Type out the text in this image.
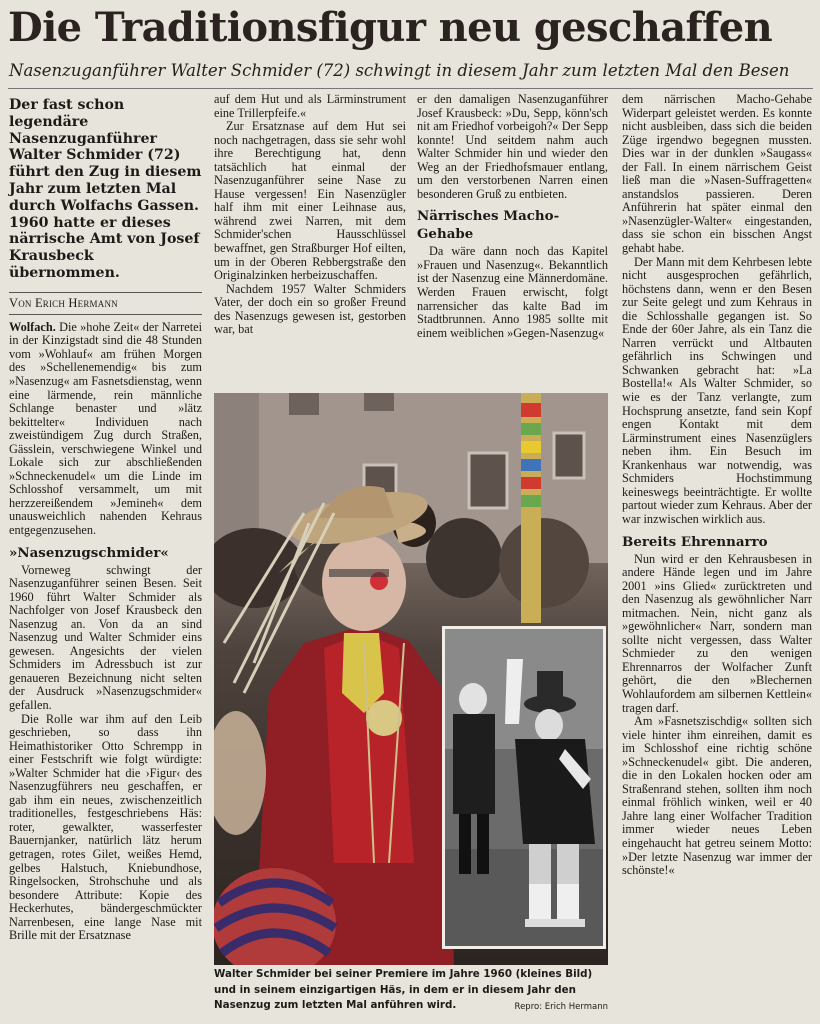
Die Traditionsfigur neu geschaffen
Nasenzuganführer Walter Schmider (72) schwingt in diesem Jahr zum letzten Mal den Besen
Der fast schon legendäre Nasenzuganführer Walter Schmider (72) führt den Zug in diesem Jahr zum letzten Mal durch Wolfachs Gassen. 1960 hatte er dieses närrische Amt von Josef Krausbeck übernommen.
Von Erich Hermann

Wolfach. Die »hohe Zeit« der Narretei in der Kinzigstadt sind die 48 Stunden vom »Wohlauf« am frühen Morgen des »Schellenemendig« bis zum »Nasenzug« am Fasnetsdienstag, wenn eine lärmende, rein männliche Schlange benaster und »lätz bekittelter« Individuen nach zweistündigem Zug durch Straßen, Gässlein, verschwiegene Winkel und Lokale sich zur abschließenden »Schneckenudel« um die Linde im Schlosshof versammelt, um mit herzzereißendem »Jemineh« dem unausweichlich nahenden Kehraus entgegenzusehen.

»Nasenzugschmider«

Vorneweg schwingt der Nasenzuganführer seinen Besen. Seit 1960 führt Walter Schmider als Nachfolger von Josef Krausbeck den Nasenzug an. Von da an sind Nasenzug und Walter Schmider eins gewesen. Angesichts der vielen Schmiders im Adressbuch ist zur genaueren Bezeichnung nicht selten der Ausdruck »Nasenzugschmider« gefallen.

Die Rolle war ihm auf den Leib geschrieben, so dass ihn Heimathistoriker Otto Schrempp in einer Festschrift wie folgt würdigte: »Walter Schmider hat die ›Figur‹ des Nasenzugführers neu geschaffen, er gab ihm ein neues, zwischenzeitlich traditionelles, festgeschriebens Häs: roter, gewalkter, wasserfester Bauernjanker, natürlich lätz herum getragen, rotes Gilet, weißes Hemd, gelbes Halstuch, Kniebundhose, Ringelsocken, Strohschuhe und als besondere Attribute: Kopie des Heckerhutes, bändergeschmückter Narrenbesen, eine lange Nase mit Brille mit der Ersatznase

auf dem Hut und als Lärminstrument eine Trillerpfeife.«

Zur Ersatznase auf dem Hut sei noch nachgetragen, dass sie sehr wohl ihre Berechtigung hat, denn tatsächlich hat einmal der Nasenzuganführer seine Nase zu Hause vergessen! Ein Nasenzügler half ihm mit einer Leihnase aus, während zwei Narren, mit dem Schmider'schen Hausschlüssel bewaffnet, gen Straßburger Hof eilten, um in der Oberen Rebbergstraße den Originalzinken herbeizuschaffen.

Nachdem 1957 Walter Schmiders Vater, der doch ein so großer Freund des Nasenzugs gewesen ist, gestorben war, bat

er den damaligen Nasenzuganführer Josef Krausbeck: »Du, Sepp, könn'sch nit am Friedhof vorbeigoh?« Der Sepp konnte! Und seitdem nahm auch Walter Schmider hin und wieder den Weg an der Friedhofsmauer entlang, um den verstorbenen Narren einen besonderen Gruß zu entbieten.

Närrisches Macho-Gehabe

Da wäre dann noch das Kapitel »Frauen und Nasenzug«. Bekanntlich ist der Nasenzug eine Männerdomäne. Werden Frauen erwischt, folgt narrensicher das kalte Bad im Stadtbrunnen. Anno 1985 sollte mit einem weiblichen »Gegen-Nasenzug«

dem närrischen Macho-Gehabe Widerpart geleistet werden. Es konnte nicht ausbleiben, dass sich die beiden Züge irgendwo begegnen mussten. Dies war in der dunklen »Saugass« der Fall. In einem närrischem Geist ließ man die »Nasen-Suffragetten« anstandslos passieren. Deren Anführerin hat später einmal den »Nasenzügler-Walter« eingestanden, dass sie schon ein bisschen Angst gehabt habe.

Der Mann mit dem Kehrbesen lebte nicht ausgesprochen gefährlich, höchstens dann, wenn er den Besen zur Seite gelegt und zum Kehraus in die Schlosshalle gegangen ist. So Ende der 60er Jahre, als ein Tanz die Narren verrückt und Altbauten gefährlich ins Schwingen und Schwanken gebracht hat: »La Bostella!« Als Walter Schmider, so wie es der Tanz verlangte, zum Hochsprung ansetzte, fand sein Kopf engen Kontakt mit dem Lärminstrument eines Nasenzüglers neben ihm. Ein Besuch im Krankenhaus war notwendig, was Schmiders Hochstimmung keineswegs beeinträchtigte. Er wollte partout wieder zum Kehraus. Aber der war inzwischen wirklich aus.

Bereits Ehrennarro

Nun wird er den Kehrausbesen in andere Hände legen und im Jahre 2001 »ins Glied« zurücktreten und den Nasenzug als gewöhnlicher Narr mitmachen. Nein, nicht ganz als »gewöhnlicher« Narr, sondern man sollte nicht vergessen, dass Walter Schmieder zu den wenigen Ehrennarros der Wolfacher Zunft gehört, die den »Blechernen Wohlaufordem am silbernen Kettlein« tragen darf.

Am »Fasnetszischdig« sollten sich viele hinter ihm einreihen, damit es im Schlosshof eine richtig schöne »Schneckenudel« gibt. Die anderen, die in den Lokalen hocken oder am Straßenrand stehen, sollten ihm noch einmal fröhlich winken, weil er 40 Jahre lang einer Wolfacher Tradition immer wieder neues Leben eingehaucht hat getreu seinem Motto: »Der letzte Nasenzug war immer der schönste!«

Walter Schmider bei seiner Premiere im Jahre 1960 (kleines Bild) und in seinem einzigartigen Häs, in dem er in diesem Jahr den Nasenzug zum letzten Mal anführen wird.	Repro: Erich Hermann
